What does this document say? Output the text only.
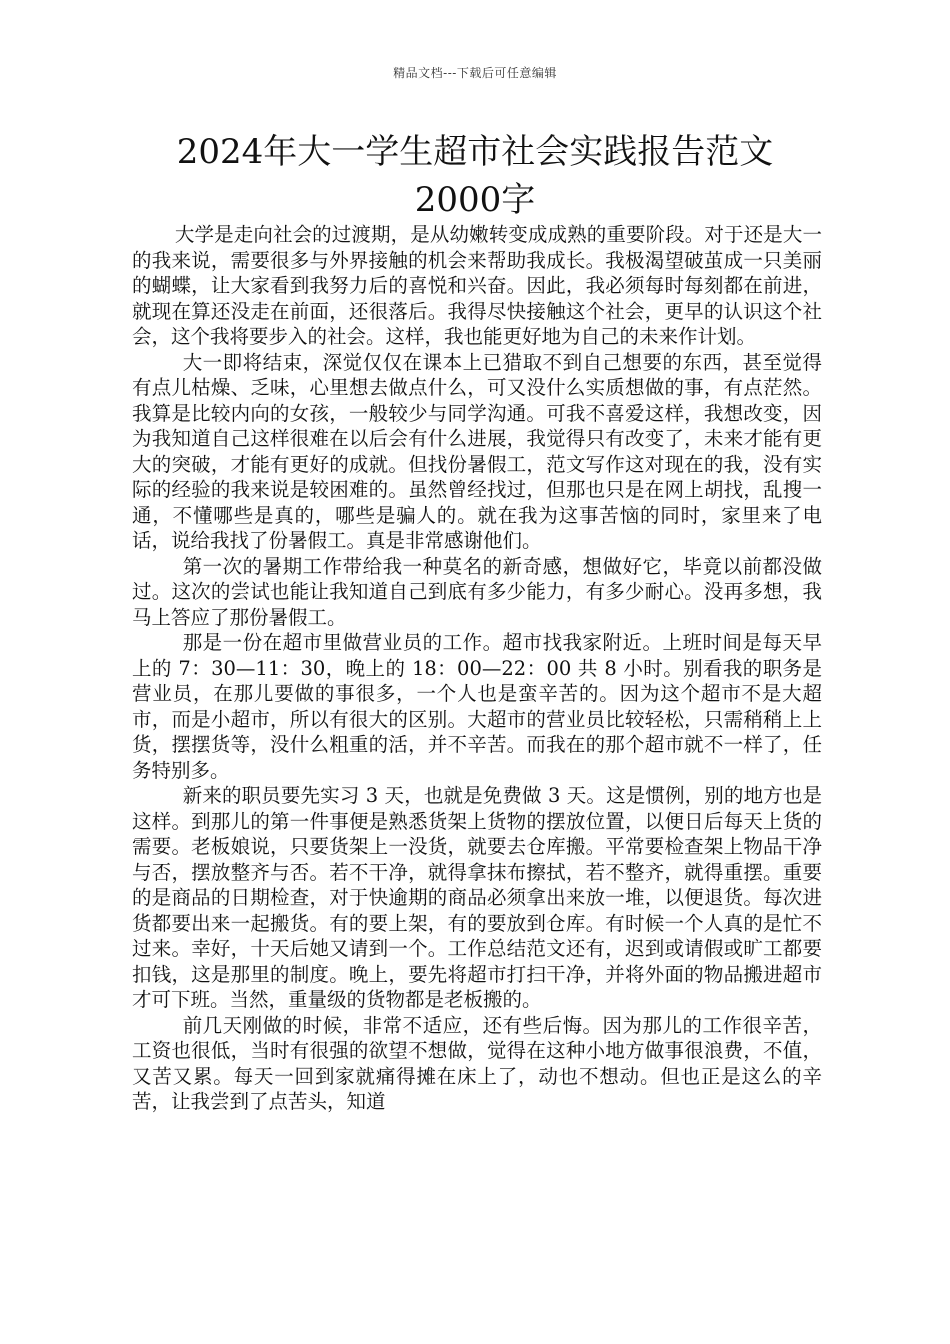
精品文档---下载后可任意编辑
2024年大一学生超市社会实践报告范文
2000字

大学是走向社会的过渡期，是从幼嫩转变成成熟的重要阶段。对于还是大一的我来说，需要很多与外界接触的机会来帮助我成长。我极渴望破茧成一只美丽的蝴蝶，让大家看到我努力后的喜悦和兴奋。因此，我必须每时每刻都在前进，就现在算还没走在前面，还很落后。我得尽快接触这个社会，更早的认识这个社会，这个我将要步入的社会。这样，我也能更好地为自己的未来作计划。

大一即将结束，深觉仅仅在课本上已猎取不到自己想要的东西，甚至觉得有点儿枯燥、乏味，心里想去做点什么，可又没什么实质想做的事，有点茫然。我算是比较内向的女孩，一般较少与同学沟通。可我不喜爱这样，我想改变，因为我知道自己这样很难在以后会有什么进展，我觉得只有改变了，未来才能有更大的突破，才能有更好的成就。但找份暑假工，范文写作这对现在的我，没有实际的经验的我来说是较困难的。虽然曾经找过，但那也只是在网上胡找，乱搜一通，不懂哪些是真的，哪些是骗人的。就在我为这事苦恼的同时，家里来了电话，说给我找了份暑假工。真是非常感谢他们。

第一次的暑期工作带给我一种莫名的新奇感，想做好它，毕竟以前都没做过。这次的尝试也能让我知道自己到底有多少能力，有多少耐心。没再多想，我马上答应了那份暑假工。

那是一份在超市里做营业员的工作。超市找我家附近。上班时间是每天早上的 7：30—11：30，晚上的 18：00—22：00 共 8 小时。别看我的职务是营业员，在那儿要做的事很多，一个人也是蛮辛苦的。因为这个超市不是大超市，而是小超市，所以有很大的区别。大超市的营业员比较轻松，只需稍稍上上货，摆摆货等，没什么粗重的活，并不辛苦。而我在的那个超市就不一样了，任务特别多。

新来的职员要先实习 3 天，也就是免费做 3 天。这是惯例，别的地方也是这样。到那儿的第一件事便是熟悉货架上货物的摆放位置，以便日后每天上货的需要。老板娘说，只要货架上一没货，就要去仓库搬。平常要检查架上物品干净与否，摆放整齐与否。若不干净，就得拿抹布擦拭，若不整齐，就得重摆。重要的是商品的日期检查，对于快逾期的商品必须拿出来放一堆，以便退货。每次进货都要出来一起搬货。有的要上架，有的要放到仓库。有时候一个人真的是忙不过来。幸好，十天后她又请到一个。工作总结范文还有，迟到或请假或旷工都要扣钱，这是那里的制度。晚上，要先将超市打扫干净，并将外面的物品搬进超市才可下班。当然，重量级的货物都是老板搬的。

前几天刚做的时候，非常不适应，还有些后悔。因为那儿的工作很辛苦，工资也很低，当时有很强的欲望不想做，觉得在这种小地方做事很浪费，不值，又苦又累。每天一回到家就痛得摊在床上了，动也不想动。但也正是这么的辛苦，让我尝到了点苦头，知道
